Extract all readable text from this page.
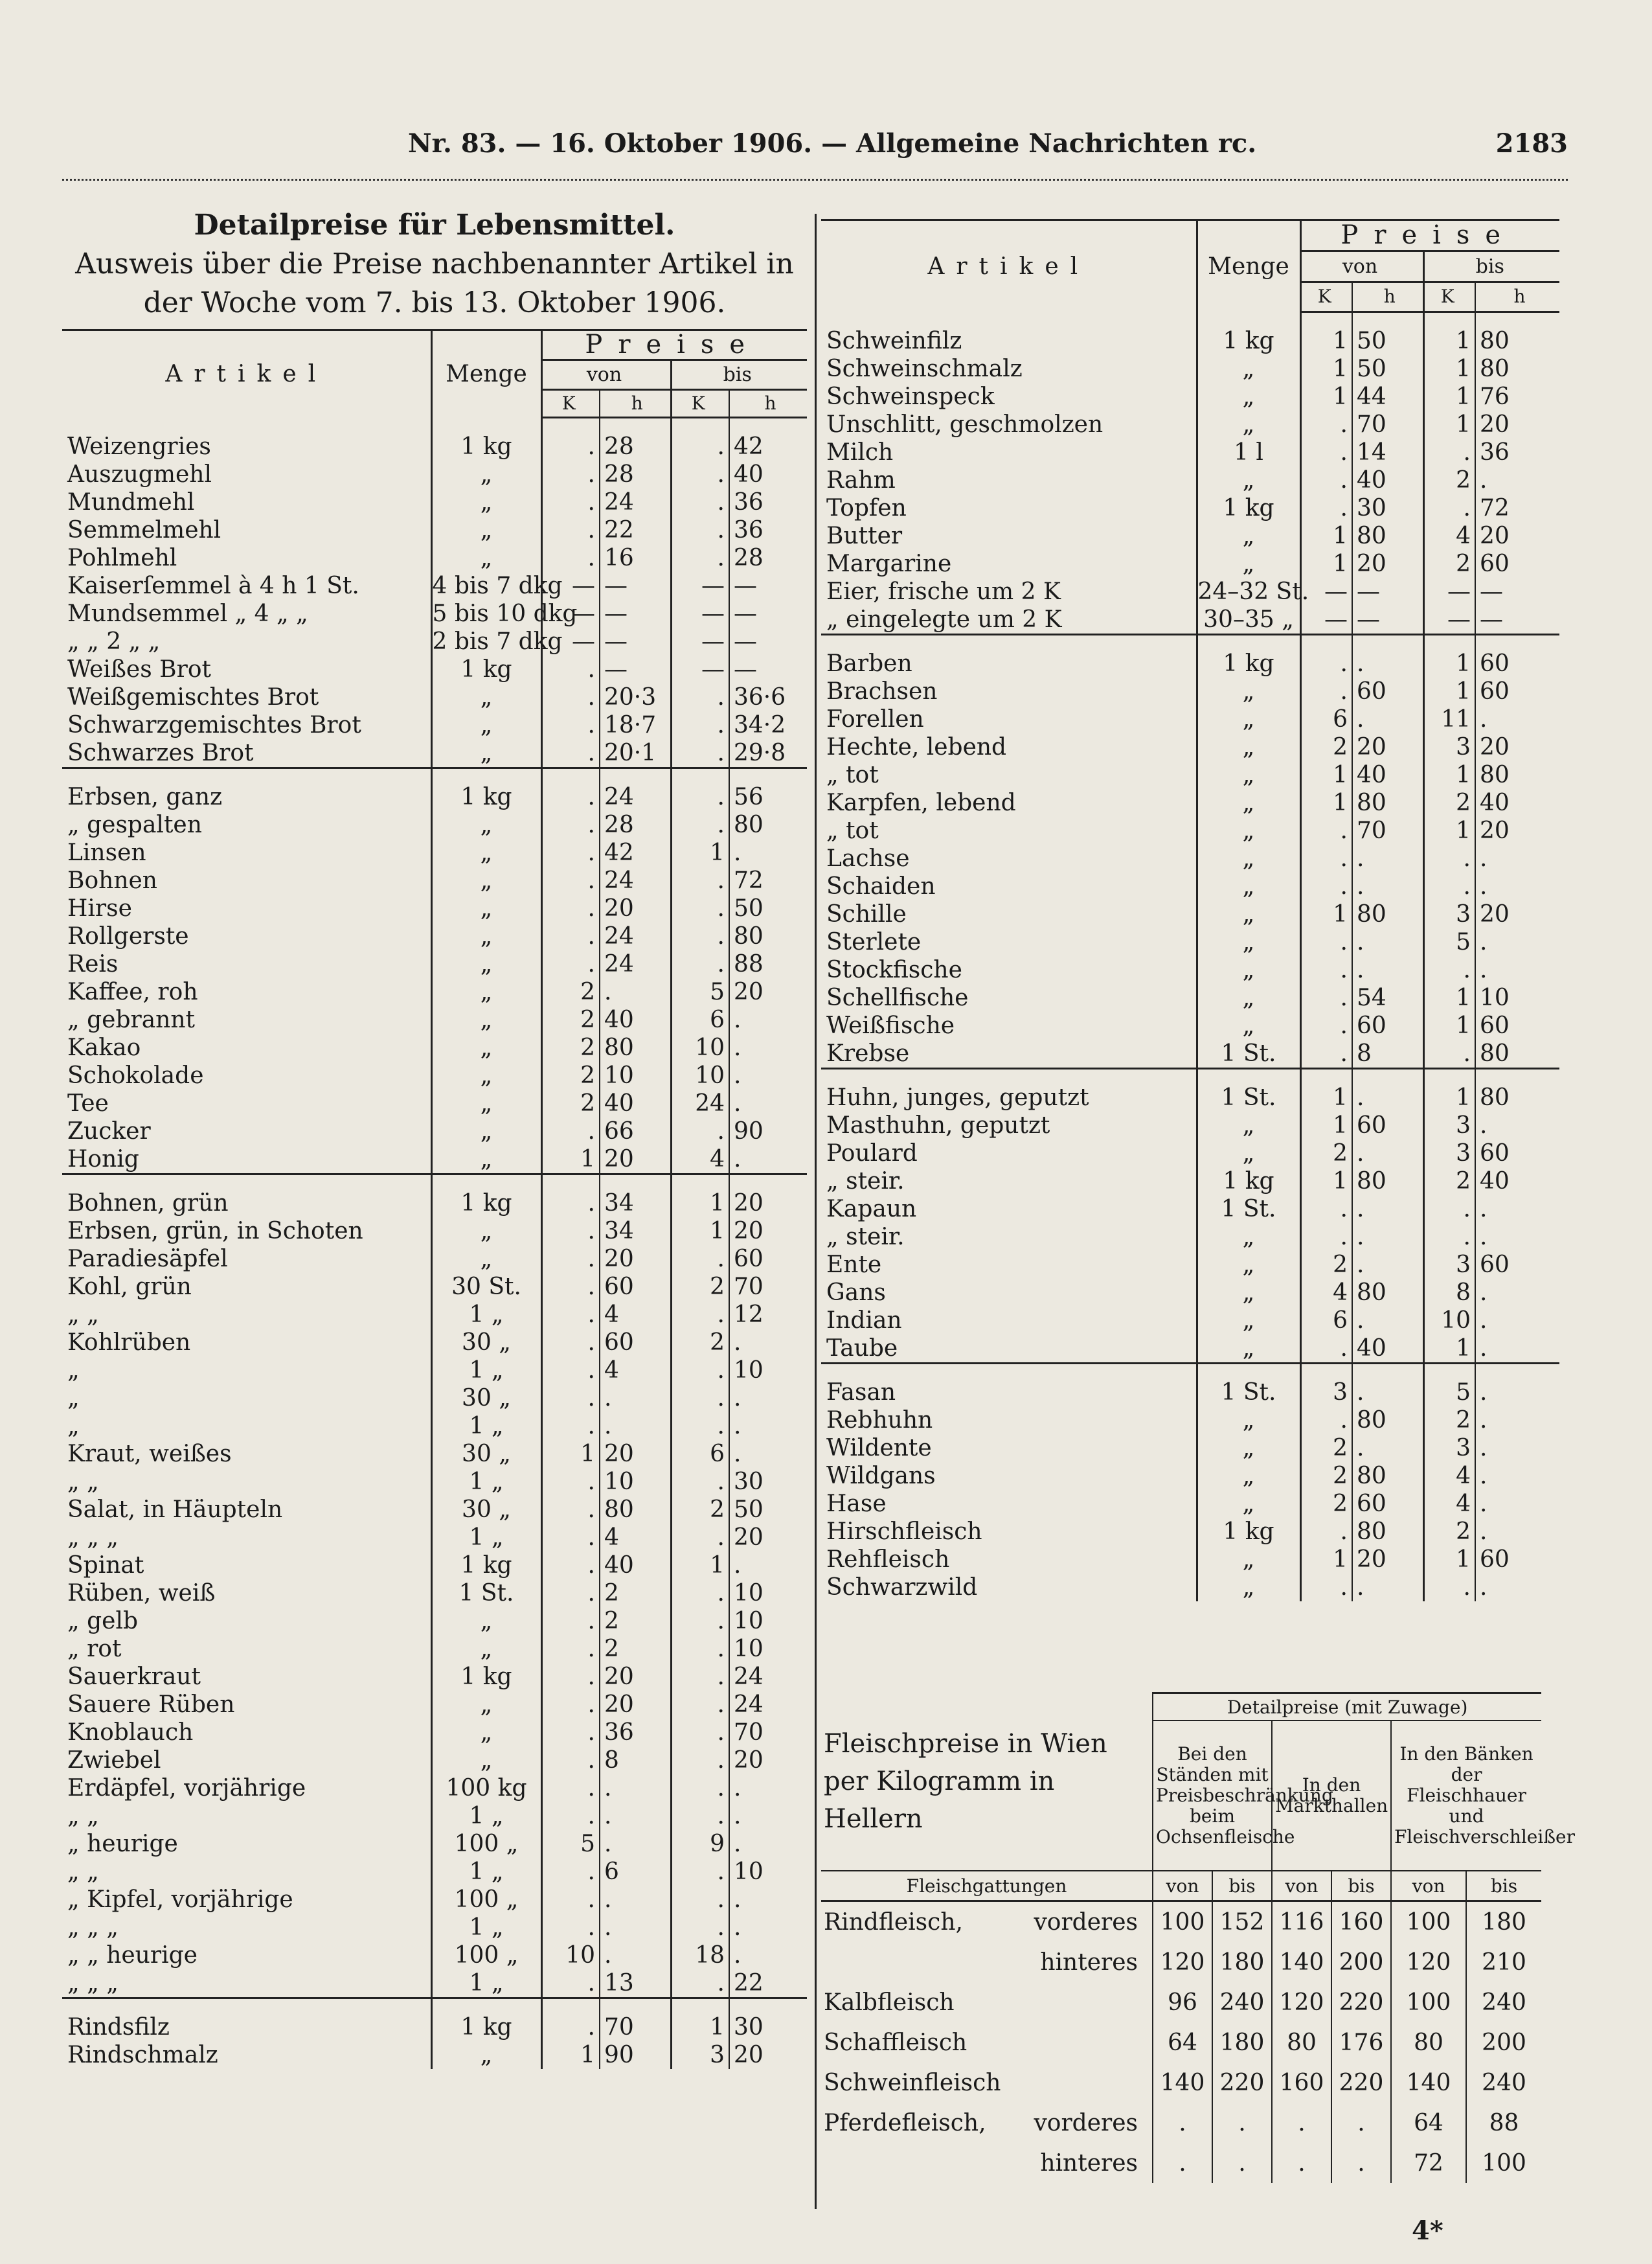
Nr. 83. — 16. Oktober 1906. — Allgemeine Nachrichten rc.	2183
Detailpreise für Lebensmittel.
Ausweis über die Preise nachbenannter Artikel in
der Woche vom 7. bis 13. Oktober 1906.
Artikel	Menge	Preise			
		von		bis	
		K	h	K	h

Weizengries	1 kg	.	28	.	42
Auszugmehl	„	.	28	.	40
Mundmehl	„	.	24	.	36
Semmelmehl	„	.	22	.	36
Pohlmehl	„	.	16	.	28
Kaiserſemmel à 4 h 1 St.	4 bis 7 dkg	—	—	—	—
Mundsemmel „ 4 „ „	5 bis 10 dkg	—	—	—	—
„ „ 2 „ „	2 bis 7 dkg	—	—	—	—
Weißes Brot	1 kg	.	—	—	—
Weißgemischtes Brot	„	.	20·3	.	36·6
Schwarzgemischtes Brot	„	.	18·7	.	34·2
Schwarzes Brot	„	.	20·1	.	29·8

Erbsen, ganz	1 kg	.	24	.	56
„ gespalten	„	.	28	.	80
Linsen	„	.	42	1	.
Bohnen	„	.	24	.	72
Hirse	„	.	20	.	50
Rollgerste	„	.	24	.	80
Reis	„	.	24	.	88
Kaffee, roh	„	2	.	5	20
„ gebrannt	„	2	40	6	.
Kakao	„	2	80	10	.
Schokolade	„	2	10	10	.
Tee	„	2	40	24	.
Zucker	„	.	66	.	90
Honig	„	1	20	4	.

Bohnen, grün	1 kg	.	34	1	20
Erbsen, grün, in Schoten	„	.	34	1	20
Paradiesäpfel	„	.	20	.	60
Kohl, grün	30 St.	.	60	2	70
„ „	1 „	.	4	.	12
Kohlrüben	30 „	.	60	2	.
„	1 „	.	4	.	10
„	30 „	.	.	.	.
„	1 „	.	.	.	.
Kraut, weißes	30 „	1	20	6	.
„ „	1 „	.	10	.	30
Salat, in Häupteln	30 „	.	80	2	50
„ „ „	1 „	.	4	.	20
Spinat	1 kg	.	40	1	.
Rüben, weiß	1 St.	.	2	.	10
„ gelb	„	.	2	.	10
„ rot	„	.	2	.	10
Sauerkraut	1 kg	.	20	.	24
Sauere Rüben	„	.	20	.	24
Knoblauch	„	.	36	.	70
Zwiebel	„	.	8	.	20
Erdäpfel, vorjährige	100 kg	.	.	.	.
„ „	1 „	.	.	.	.
„ heurige	100 „	5	.	9	.
„ „	1 „	.	6	.	10
„ Kipfel, vorjährige	100 „	.	.	.	.
„ „ „	1 „	.	.	.	.
„ „ heurige	100 „	10	.	18	.
„ „ „	1 „	.	13	.	22

Rindsfilz	1 kg	.	70	1	30
Rindschmalz	„	1	90	3	20
Artikel	Menge	Preise			
		von		bis	
		K	h	K	h

Schweinfilz	1 kg	1	50	1	80
Schweinschmalz	„	1	50	1	80
Schweinspeck	„	1	44	1	76
Unschlitt, geschmolzen	„	.	70	1	20
Milch	1 l	.	14	.	36
Rahm	„	.	40	2	.
Topfen	1 kg	.	30	.	72
Butter	„	1	80	4	20
Margarine	„	1	20	2	60
Eier, frische um 2 K	24–32 St.	—	—	—	—
„ eingelegte um 2 K	30–35 „	—	—	—	—

Barben	1 kg	.	.	1	60
Brachsen	„	.	60	1	60
Forellen	„	6	.	11	.
Hechte, lebend	„	2	20	3	20
„ tot	„	1	40	1	80
Karpfen, lebend	„	1	80	2	40
„ tot	„	.	70	1	20
Lachse	„	.	.	.	.
Schaiden	„	.	.	.	.
Schille	„	1	80	3	20
Sterlete	„	.	.	5	.
Stockfische	„	.	.	.	.
Schellfische	„	.	54	1	10
Weißfische	„	.	60	1	60
Krebse	1 St.	.	8	.	80

Huhn, junges, geputzt	1 St.	1	.	1	80
Masthuhn, geputzt	„	1	60	3	.
Poulard	„	2	.	3	60
„ steir.	1 kg	1	80	2	40
Kapaun	1 St.	.	.	.	.
„ steir.	„	.	.	.	.
Ente	„	2	.	3	60
Gans	„	4	80	8	.
Indian	„	6	.	10	.
Taube	„	.	40	1	.

Fasan	1 St.	3	.	5	.
Rebhuhn	„	.	80	2	.
Wildente	„	2	.	3	.
Wildgans	„	2	80	4	.
Hase	„	2	60	4	.
Hirschfleisch	1 kg	.	80	2	.
Rehfleisch	„	1	20	1	60
Schwarzwild	„	.	.	.	.
Fleischpreise in Wien per Kilogramm in Hellern	Detailpreise (mit Zuwage)					
	Bei den Ständen mit Preisbeschränkung beim Ochsenfleische		In den Markthallen		In den Bänken der Fleischhauer und Fleischverschleißer	
Fleischgattungen	von	bis	von	bis	von	bis
Rindfleisch, vorderes	100	152	116	160	100	180

hinteres	120	180	140	200	120	210
Kalbfleisch	96	240	120	220	100	240
Schaffleisch	64	180	80	176	80	200
Schweinfleisch	140	220	160	220	140	240
Pferdefleisch, vorderes	.	.	.	.	64	88

hinteres	.	.	.	.	72	100
4*
